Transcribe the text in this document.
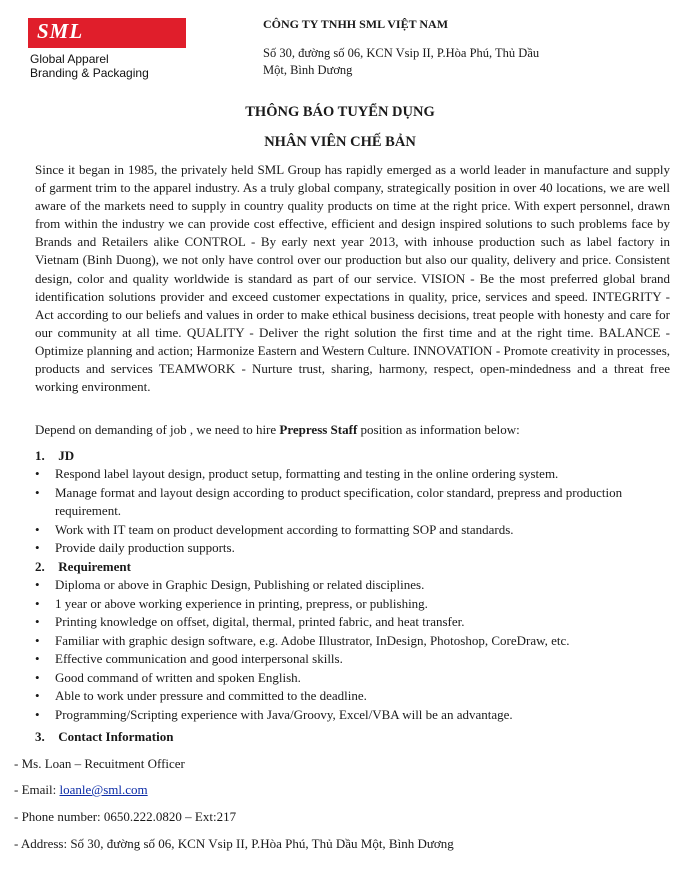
SML
Global Apparel
Branding & Packaging
CÔNG TY TNHH SML VIỆT NAM
Số 30, đường số 06, KCN Vsip II, P.Hòa Phú, Thủ Dầu
Một, Bình Dương
THÔNG BÁO TUYỂN DỤNG
NHÂN VIÊN CHẾ BẢN

Since it began in 1985, the privately held SML Group has rapidly emerged as a world leader in manufacture and supply of garment trim to the apparel industry. As a truly global company, strategically position in over 40 locations, we are well aware of the markets need to supply in country quality products on time at the right price. With expert personnel, drawn from within the industry we can provide cost effective, efficient and design inspired solutions to such problems face by Brands and Retailers alike CONTROL - By early next year 2013, with inhouse production such as label factory in Vietnam (Binh Duong), we not only have control over our production but also our quality, delivery and price. Consistent design, color and quality worldwide is standard as part of our service. VISION - Be the most preferred global brand identification solutions provider and exceed customer expectations in quality, price, services and speed. INTEGRITY - Act according to our beliefs and values in order to make ethical business decisions, treat people with honesty and care for our community at all time. QUALITY - Deliver the right solution the first time and at the right time. BALANCE - Optimize planning and action; Harmonize Eastern and Western Culture. INNOVATION - Promote creativity in processes, products and services TEAMWORK - Nurture trust, sharing, harmony, respect, open-mindedness and a threat free working environment.

Depend on demanding of job , we need to hire Prepress Staff position as information below:

1. JD
• Respond label layout design, product setup, formatting and testing in the online ordering system.
• Manage format and layout design according to product specification, color standard, prepress and production requirement.
• Work with IT team on product development according to formatting SOP and standards.
• Provide daily production supports.
2. Requirement
• Diploma or above in Graphic Design, Publishing or related disciplines.
• 1 year or above working experience in printing, prepress, or publishing.
• Printing knowledge on offset, digital, thermal, printed fabric, and heat transfer.
• Familiar with graphic design software, e.g. Adobe Illustrator, InDesign, Photoshop, CoreDraw, etc.
• Effective communication and good interpersonal skills.
• Good command of written and spoken English.
• Able to work under pressure and committed to the deadline.
• Programming/Scripting experience with Java/Groovy, Excel/VBA will be an advantage.
3. Contact Information
- Ms. Loan – Recuitment Officer
- Email: loanle@sml.com
- Phone number: 0650.222.0820 – Ext:217
- Address: Số 30, đường số 06, KCN Vsip II, P.Hòa Phú, Thủ Dầu Một, Bình Dương
